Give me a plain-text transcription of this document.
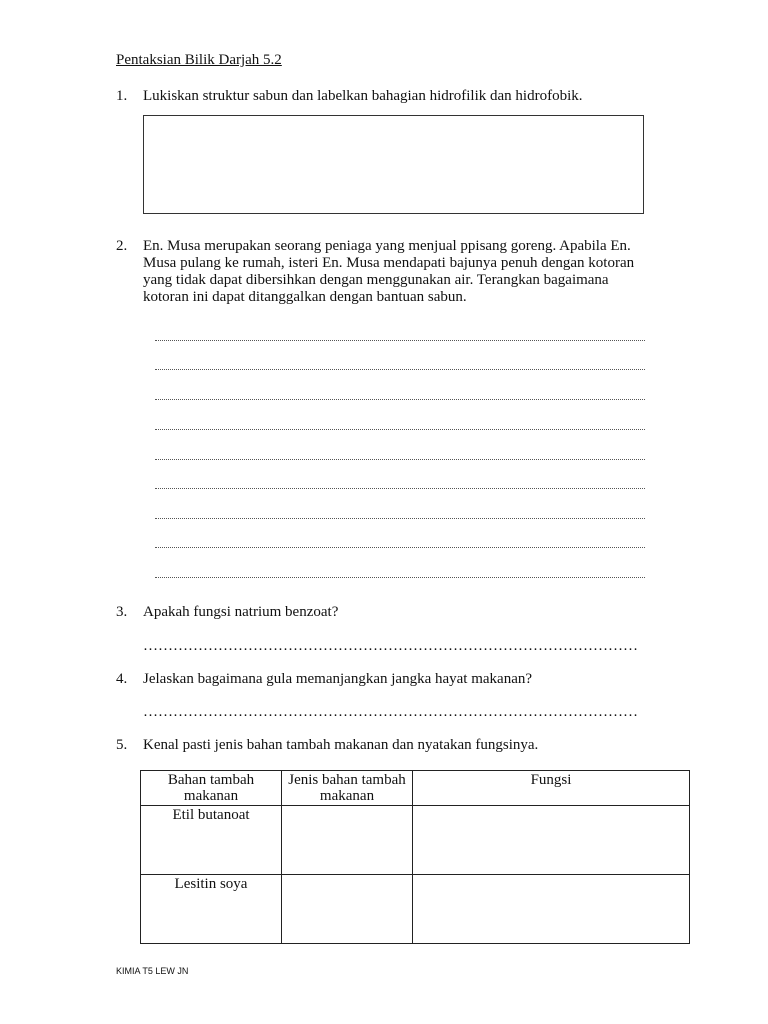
Pentaksian Bilik Darjah 5.2
1. Lukiskan struktur sabun dan labelkan bahagian hidrofilik dan hidrofobik.
2. En. Musa merupakan seorang peniaga yang menjual ppisang goreng. Apabila En. Musa pulang ke rumah, isteri En. Musa mendapati bajunya penuh dengan kotoran yang tidak dapat dibersihkan dengan menggunakan air. Terangkan bagaimana kotoran ini dapat ditanggalkan dengan bantuan sabun.
3. Apakah fungsi natrium benzoat?
………………………………………………………………………………………
4. Jelaskan bagaimana gula memanjangkan jangka hayat makanan?
………………………………………………………………………………………
5. Kenal pasti jenis bahan tambah makanan dan nyatakan fungsinya.
Bahan tambah makanan	Jenis bahan tambah makanan	Fungsi
Etil butanoat		
Lesitin soya		
KIMIA T5 LEW JN
